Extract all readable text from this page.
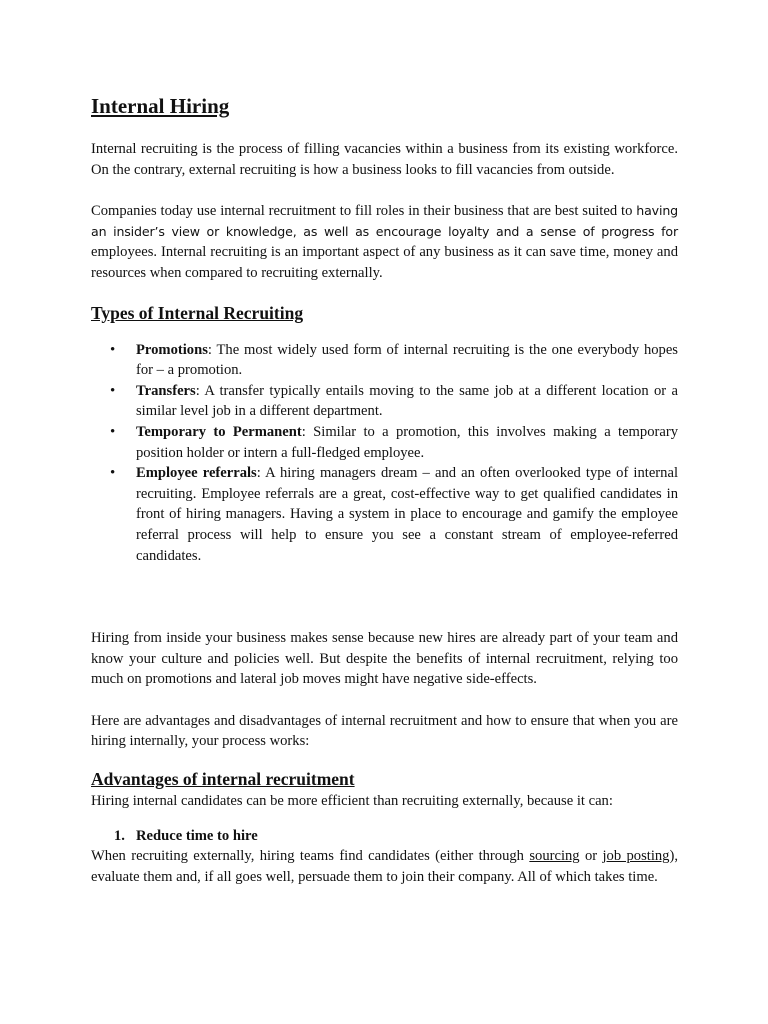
Internal Hiring

Internal recruiting is the process of filling vacancies within a business from its existing workforce. On the contrary, external recruiting is how a business looks to fill vacancies from outside.

Companies today use internal recruitment to fill roles in their business that are best suited to having an insider’s view or knowledge, as well as encourage loyalty and a sense of progress for employees. Internal recruiting is an important aspect of any business as it can save time, money and resources when compared to recruiting externally.

Types of Internal Recruiting
• Promotions: The most widely used form of internal recruiting is the one everybody hopes for – a promotion.
• Transfers: A transfer typically entails moving to the same job at a different location or a similar level job in a different department.
• Temporary to Permanent: Similar to a promotion, this involves making a temporary position holder or intern a full-fledged employee.
• Employee referrals: A hiring managers dream – and an often overlooked type of internal recruiting. Employee referrals are a great, cost-effective way to get qualified candidates in front of hiring managers. Having a system in place to encourage and gamify the employee referral process will help to ensure you see a constant stream of employee-referred candidates.

Hiring from inside your business makes sense because new hires are already part of your team and know your culture and policies well. But despite the benefits of internal recruitment, relying too much on promotions and lateral job moves might have negative side-effects.

Here are advantages and disadvantages of internal recruitment and how to ensure that when you are hiring internally, your process works:

Advantages of internal recruitment

Hiring internal candidates can be more efficient than recruiting externally, because it can:

1. Reduce time to hire

When recruiting externally, hiring teams find candidates (either through sourcing or job posting), evaluate them and, if all goes well, persuade them to join their company. All of which takes time.
